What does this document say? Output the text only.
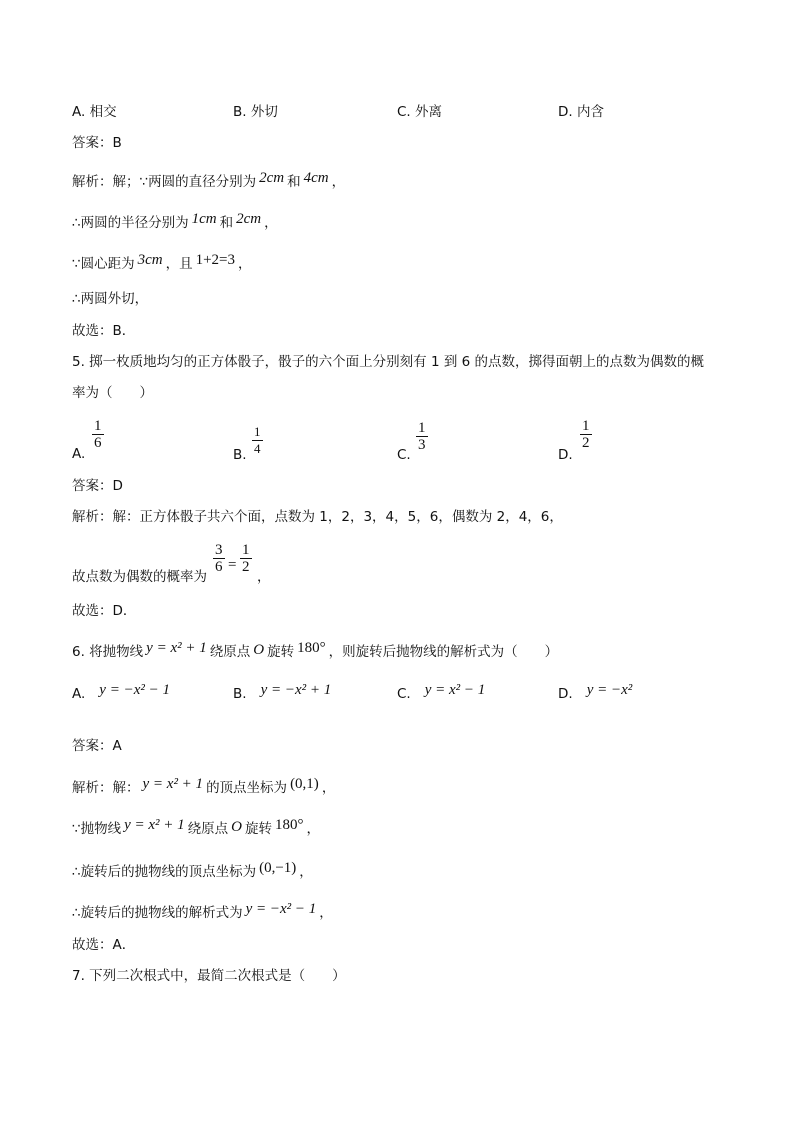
A. 相交	B. 外切	C. 外离	D. 内含
答案：B
解析：解；∵两圆的直径分别为 2cm 和 4cm ，
∴两圆的半径分别为 1cm 和 2cm ，
∵圆心距为 3cm ，且 1+2=3 ，
∴两圆外切，
故选：B．
5. 掷一枚质地均匀的正方体骰子，骰子的六个面上分别刻有 1 到 6 的点数，掷得面朝上的点数为偶数的概
率为（　　）
A.
1
6
B.
1
4	C.
1
3
D.
1
2
答案：D
解析：解：正方体骰子共六个面，点数为 1，2，3，4，5，6，偶数为 2，4，6，
故点数为偶数的概率为
3
6 =
1
2
，
故选：D．
6. 将抛物线 y = x² + 1 绕原点 O 旋转 180° ，则旋转后抛物线的解析式为（　　）
A. y = −x² − 1	B. y = −x² + 1	C. y = x² − 1	D. y = −x²
答案：A
解析：解： y = x² + 1 的顶点坐标为 (0,1) ，
∵抛物线 y = x² + 1 绕原点 O 旋转 180° ，
∴旋转后的抛物线的顶点坐标为 (0,−1) ，
∴旋转后的抛物线的解析式为 y = −x² − 1 ，
故选：A．
7. 下列二次根式中，最简二次根式是（　　）
